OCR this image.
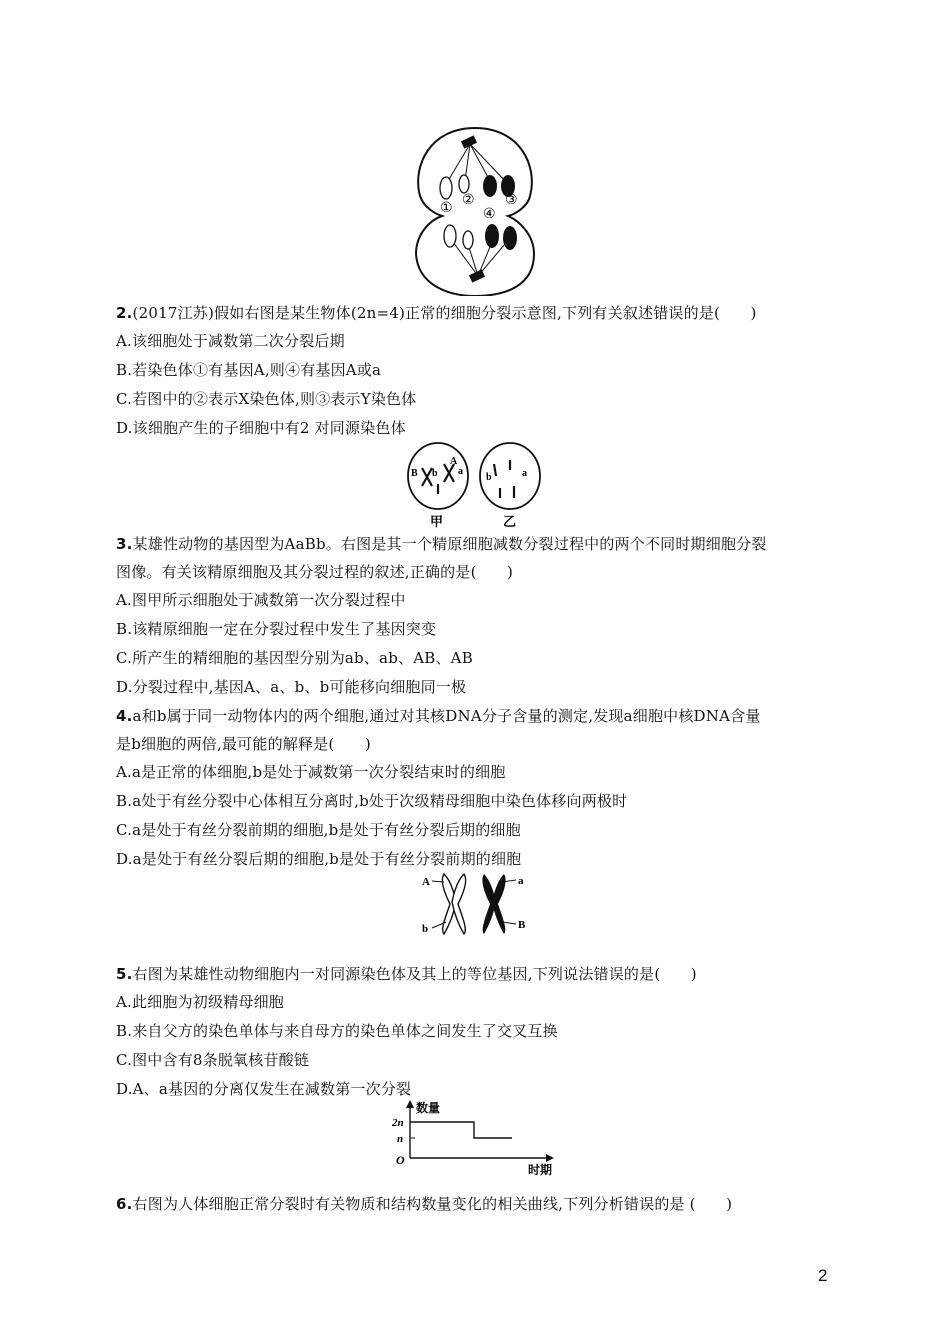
①
②
④
③
2.(2017江苏)假如右图是某生物体(2n=4)正常的细胞分裂示意图,下列有关叙述错误的是(　　)
A.该细胞处于减数第二次分裂后期
B.若染色体①有基因A,则④有基因A或a
C.若图中的②表示X染色体,则③表示Y染色体
D.该细胞产生的子细胞中有2 对同源染色体
B b
A
a
b	a
甲	乙
3.某雄性动物的基因型为AaBb。右图是其一个精原细胞减数分裂过程中的两个不同时期细胞分裂
图像。有关该精原细胞及其分裂过程的叙述,正确的是(　　)
A.图甲所示细胞处于减数第一次分裂过程中
B.该精原细胞一定在分裂过程中发生了基因突变
C.所产生的精细胞的基因型分别为ab、ab、AB、AB
D.分裂过程中,基因A、a、b、b可能移向细胞同一极
4.a和b属于同一动物体内的两个细胞,通过对其核DNA分子含量的测定,发现a细胞中核DNA含量
是b细胞的两倍,最可能的解释是(　　)
A.a是正常的体细胞,b是处于减数第一次分裂结束时的细胞
B.a处于有丝分裂中心体相互分离时,b处于次级精母细胞中染色体移向两极时
C.a是处于有丝分裂前期的细胞,b是处于有丝分裂后期的细胞
D.a是处于有丝分裂后期的细胞,b是处于有丝分裂前期的细胞
A
b
a
B
5.右图为某雄性动物细胞内一对同源染色体及其上的等位基因,下列说法错误的是(　　)
A.此细胞为初级精母细胞
B.来自父方的染色单体与来自母方的染色单体之间发生了交叉互换
C.图中含有8条脱氧核苷酸链
D.A、a基因的分离仅发生在减数第一次分裂
数量
2n
n
O
时期
6.右图为人体细胞正常分裂时有关物质和结构数量变化的相关曲线,下列分析错误的是 (　　)
2
